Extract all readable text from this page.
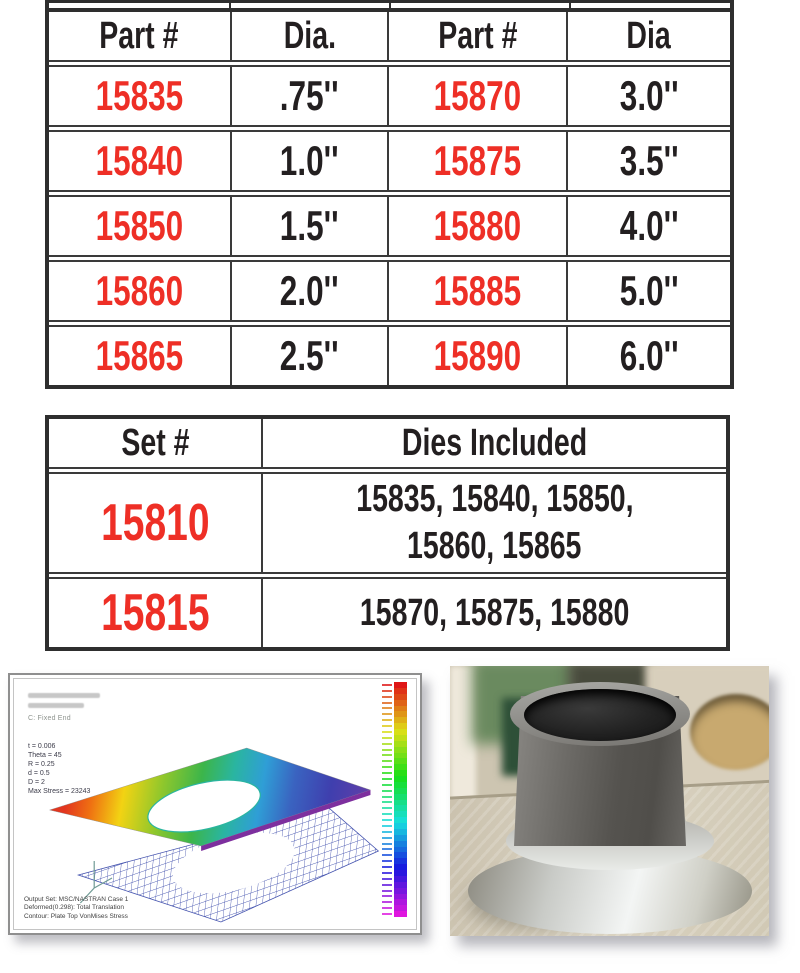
Part #	Dia.	Part #	Dia
15835 .75'' 15870 3.0''
15840 1.0'' 15875 3.5''
15850 1.5'' 15880 4.0''
15860 2.0'' 15885 5.0''
15865 2.5'' 15890 6.0''
Set #	Dies Included
15810	15835, 15840, 15850,
15860, 15865
15815	15870, 15875, 15880
C: Fixed End
t = 0.006
Theta = 45
R = 0.25
d = 0.5
D = 2
Max Stress = 23243
Output Set: MSC/NASTRAN Case 1
Deformed(0.298): Total Translation
Contour: Plate Top VonMises Stress
